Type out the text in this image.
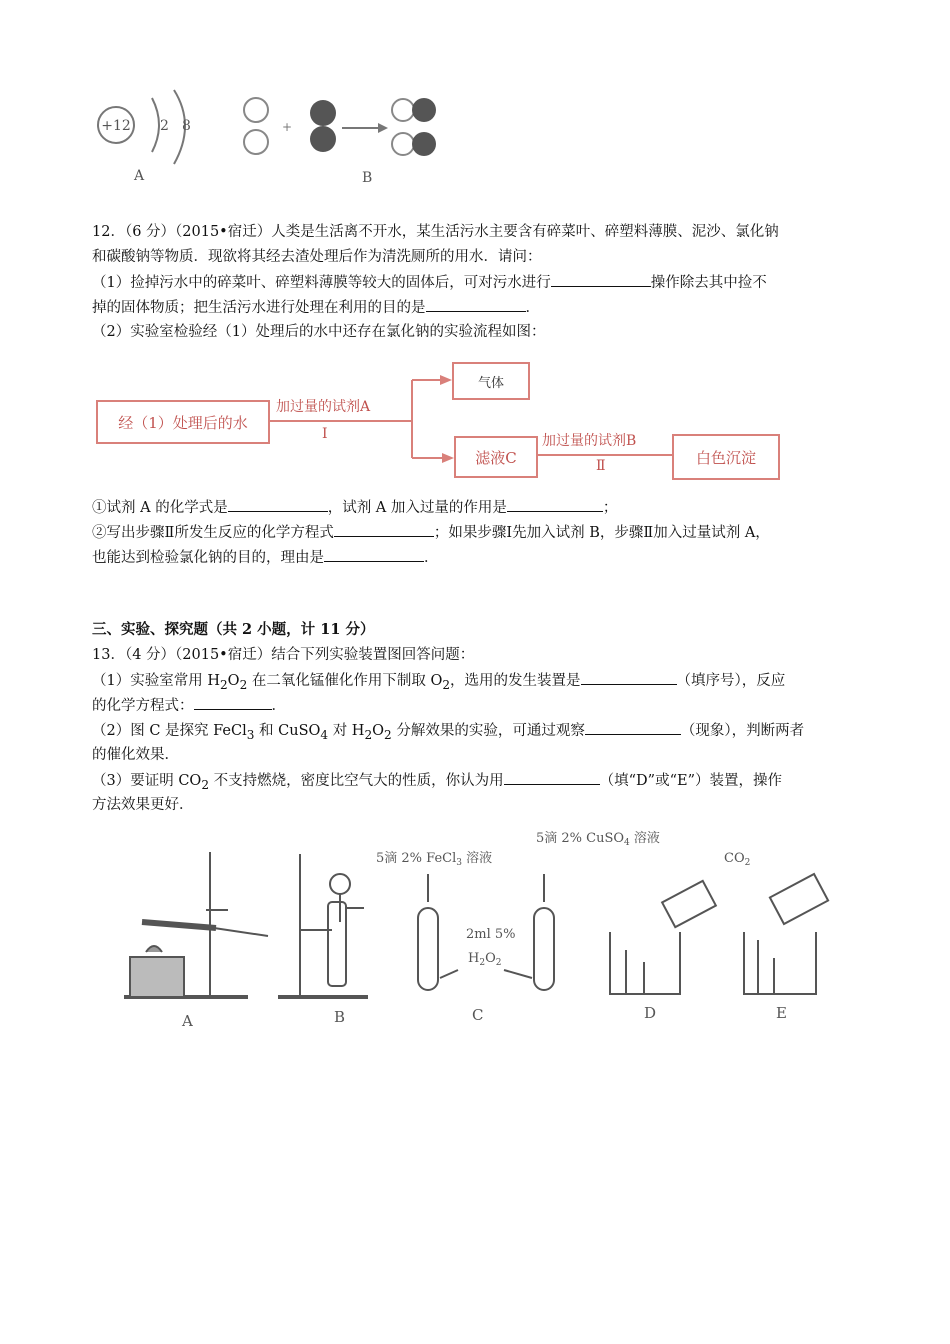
+12 2 8
A
+
B
12．（6 分）（2015•宿迁）人类是生活离不开水，某生活污水主要含有碎菜叶、碎塑料薄膜、泥沙、氯化钠
和碳酸钠等物质．现欲将其经去渣处理后作为清洗厕所的用水．请问：
（1）捡掉污水中的碎菜叶、碎塑料薄膜等较大的固体后，可对污水进行	操作除去其中捡不
掉的固体物质；把生活污水进行处理在利用的目的是	．
（2）实验室检验经（1）处理后的水中还存在氯化钠的实验流程如图：
经（1）处理后的水
气体
滤液C	白色沉淀
加过量的试剂A
Ⅰ	加过量的试剂B
Ⅱ
①试剂 A 的化学式是	，试剂 A 加入过量的作用是	；
②写出步骤Ⅱ所发生反应的化学方程式	；如果步骤Ⅰ先加入试剂 B，步骤Ⅱ加入过量试剂 A，
也能达到检验氯化钠的目的，理由是	．
三、实验、探究题（共 2 小题，计 11 分）
13．（4 分）（2015•宿迁）结合下列实验装置图回答问题：
（1）实验室常用 $H_2O_2$ 在二氧化锰催化作用下制取 $O_2$，选用的发生装置是	（填序号），反应
的化学方程式：	．
（2）图 C 是探究 FeCl$_3$ 和 CuSO$_4$ 对 $H_2O_2$ 分解效果的实验，可通过观察	（现象），判断两者
的催化效果．
（3）要证明 $CO_2$ 不支持燃烧，密度比空气大的性质，你认为用	（填“D”或“E”）装置，操作
方法效果更好．
5滴 2% FeCl$_3$ 溶液
5滴 2% CuSO$_4$ 溶液
2ml 5%
$H_2O_2$
$CO_2$
A	B	C	D	E
